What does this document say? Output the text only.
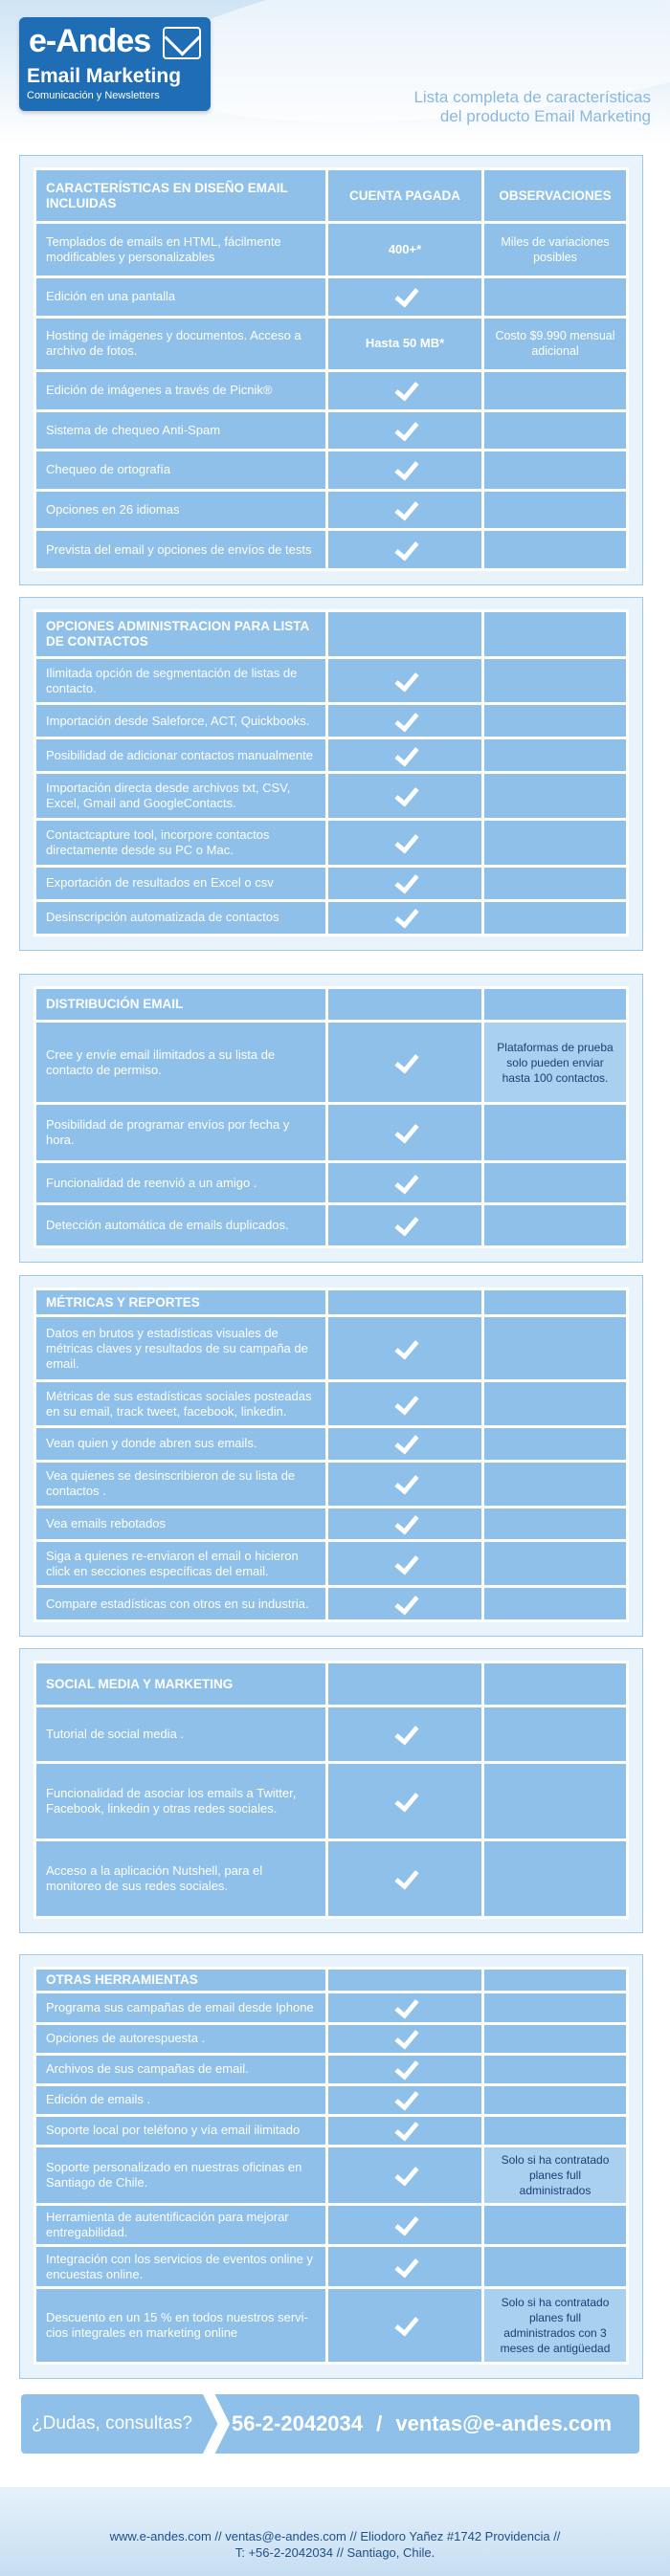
e-Andes
Email Marketing
Comunicación y Newsletters	Lista completa de características
del producto Email Marketing
CARACTERÍSTICAS EN DISEÑO EMAIL INCLUIDAS	CUENTA PAGADA	OBSERVACIONES
Templados de emails en HTML, fácilmente modificables y personalizables	400+*	Miles de variaciones posibles
Edición en una pantalla		
Hosting de imágenes y documentos. Acceso a archivo de fotos.	Hasta 50 MB*	Costo $9.990 mensual adicional
Edición de imágenes a través de Picnik®		
Sistema de chequeo Anti-Spam		
Chequeo de ortografía		
Opciones en 26 idiomas		
Prevista del email y opciones de envíos de tests		
OPCIONES ADMINISTRACION PARA LISTA DE CONTACTOS		
Ilimitada opción de segmentación de listas de contacto.		
Importación desde Saleforce, ACT, Quickbooks.		
Posibilidad de adicionar contactos manualmente		
Importación directa desde archivos txt, CSV, Excel, Gmail and GoogleContacts.		
Contactcapture tool, incorpore contactos directamente desde su PC o Mac.		
Exportación de resultados en Excel o csv		
Desinscripción automatizada de contactos		
DISTRIBUCIÓN EMAIL		
Cree y envíe email ilimitados a su lista de contacto de permiso.		Plataformas de prueba solo pueden enviar hasta 100 contactos.
Posibilidad de programar envíos por fecha y hora.		
Funcionalidad de reenvió a un amigo .		
Detección automática de emails duplicados.		
MÉTRICAS Y REPORTES		
Datos en brutos y estadísticas visuales de métricas claves y resultados de su campaña de email.		
Métricas de sus estadísticas sociales posteadas en su email, track tweet, facebook, linkedin.		
Vean quien y donde abren sus emails.		
Vea quienes se desinscribieron de su lista de contactos .		
Vea emails rebotados		
Siga a quienes re-enviaron el email o hicieron click en secciones específicas del email.		
Compare estadísticas con otros en su industria.		
SOCIAL MEDIA Y MARKETING		
Tutorial de social media .		
Funcionalidad de asociar los emails a Twitter, Facebook, linkedin y otras redes sociales.		
Acceso a la aplicación Nutshell, para el monitoreo de sus redes sociales.		
OTRAS HERRAMIENTAS		
Programa sus campañas de email desde Iphone		
Opciones de autorespuesta .		
Archivos de sus campañas de email.		
Edición de emails .		
Soporte local por teléfono y vía email ilimitado		
Soporte personalizado en nuestras oficinas en Santiago de Chile.		Solo si ha contratado planes full administrados
Herramienta de autentificación para mejorar entregabilidad.		
Integración con los servicios de eventos online y encuestas online.		
Descuento en un 15 % en todos nuestros servi-cios integrales en marketing online		Solo si ha contratado planes full administrados con 3 meses de antigüedad
¿Dudas, consultas?	56-2-2042034 / ventas@e-andes.com
www.e-andes.com // ventas@e-andes.com // Eliodoro Yañez #1742 Providencia //
T: +56-2-2042034 // Santiago, Chile.
